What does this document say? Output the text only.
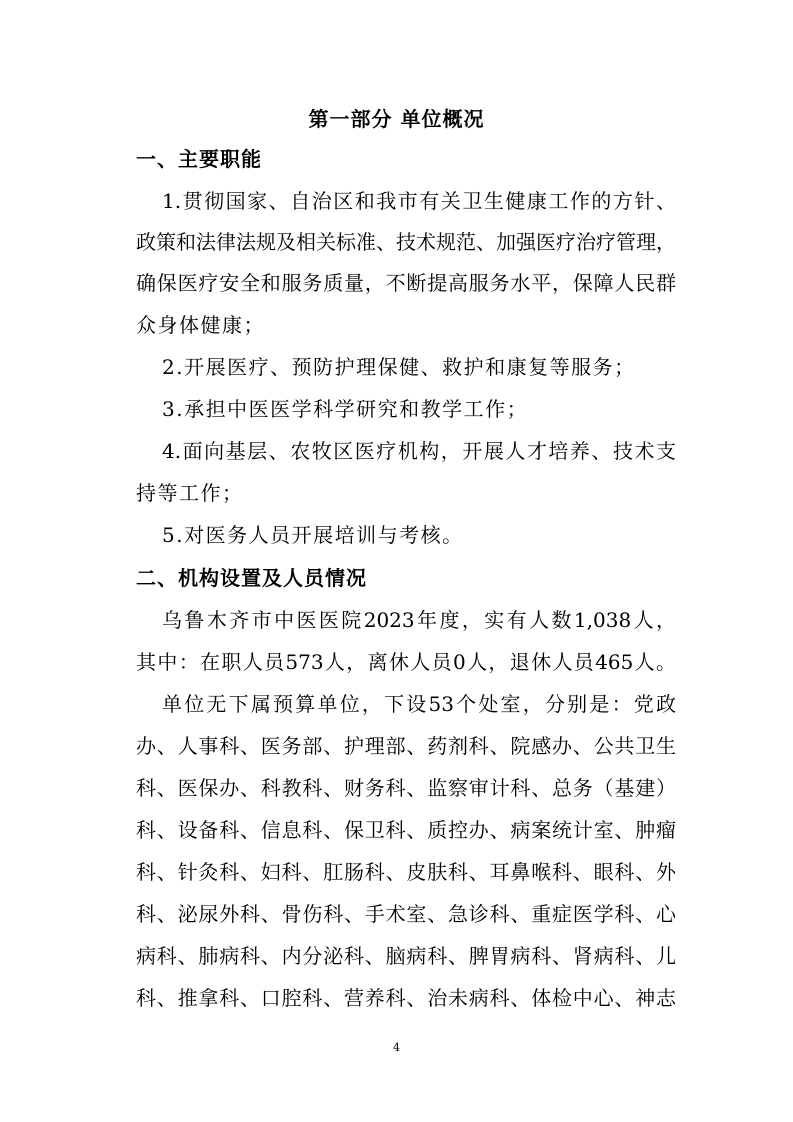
第一部分 单位概况
一、主要职能
1.贯彻国家、自治区和我市有关卫生健康工作的方针、
政策和法律法规及相关标准、技术规范、加强医疗治疗管理，
确保医疗安全和服务质量，不断提高服务水平，保障人民群
众身体健康；
2.开展医疗、预防护理保健、救护和康复等服务；
3.承担中医医学科学研究和教学工作；
4.面向基层、农牧区医疗机构，开展人才培养、技术支
持等工作；
5.对医务人员开展培训与考核。
二、机构设置及人员情况
乌鲁木齐市中医医院2023年度，实有人数1,038人，
其中：在职人员573人，离休人员0人，退休人员465人。
单位无下属预算单位，下设53个处室，分别是：党政
办、人事科、医务部、护理部、药剂科、院感办、公共卫生
科、医保办、科教科、财务科、监察审计科、总务（基建）
科、设备科、信息科、保卫科、质控办、病案统计室、肿瘤
科、针灸科、妇科、肛肠科、皮肤科、耳鼻喉科、眼科、外
科、泌尿外科、骨伤科、手术室、急诊科、重症医学科、心
病科、肺病科、内分泌科、脑病科、脾胃病科、肾病科、儿
科、推拿科、口腔科、营养科、治未病科、体检中心、神志
4
